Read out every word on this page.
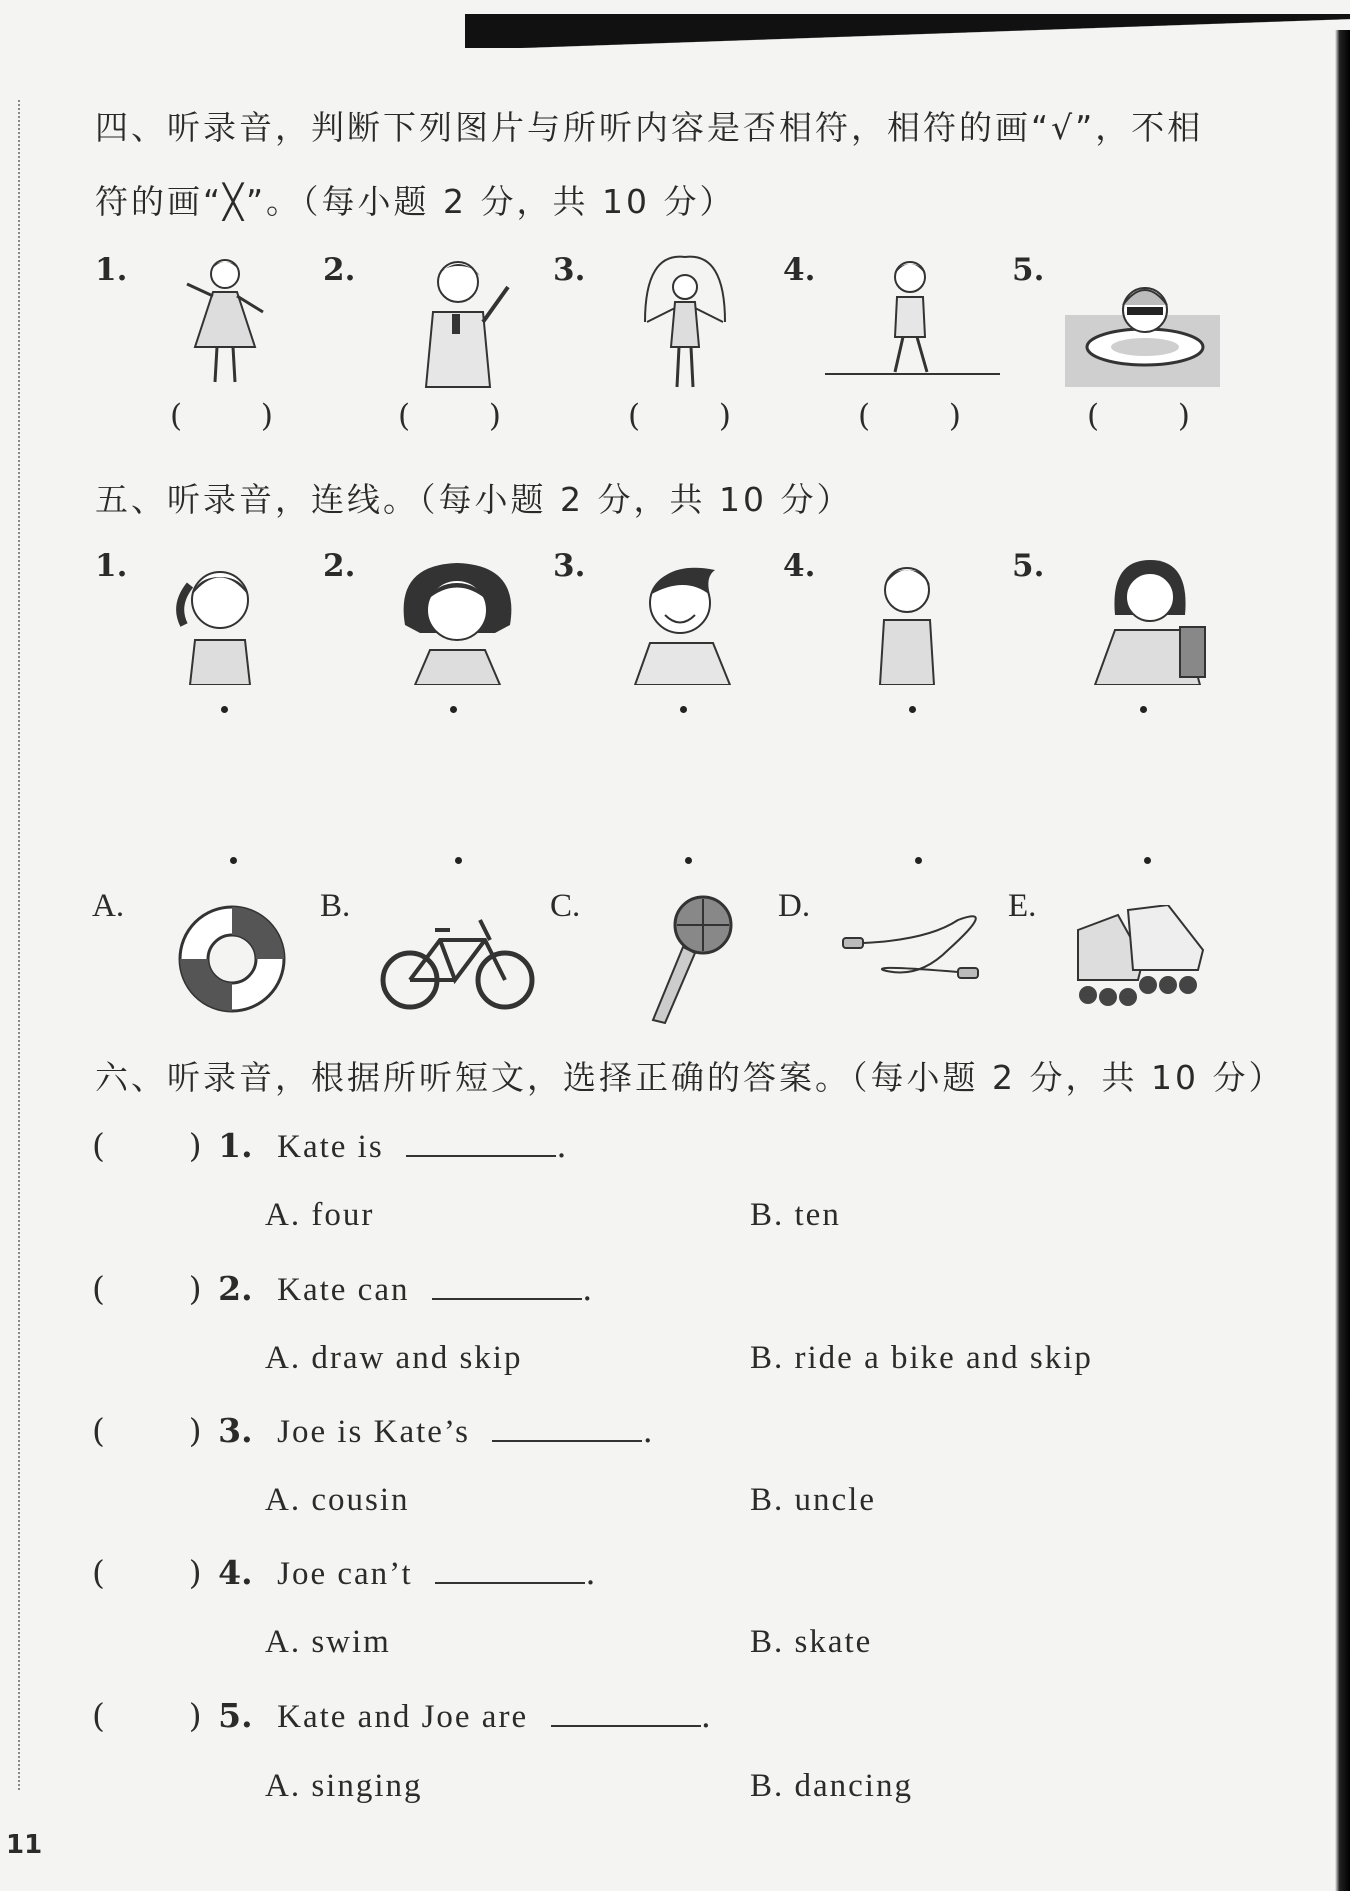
四、听录音，判断下列图片与所听内容是否相符，相符的画“√”，不相
符的画“╳”。（每小题 2 分，共 10 分）
1.	2.	3.	4.	5.
(        )	(        )	(        )	(        )	(        )
五、听录音，连线。（每小题 2 分，共 10 分）
1.	2.	3.	4.	5.
A.	B.	C.	D.	E.
六、听录音，根据所听短文，选择正确的答案。（每小题 2 分，共 10 分）
(        ) 1. Kate is	.
A. four	B. ten
(        ) 2. Kate can	.
A. draw and skip	B. ride a bike and skip
(        ) 3. Joe is Kate’s	.
A. cousin	B. uncle
(        ) 4. Joe can’t	.
A. swim	B. skate
(        ) 5. Kate and Joe are	.
A. singing	B. dancing
11
